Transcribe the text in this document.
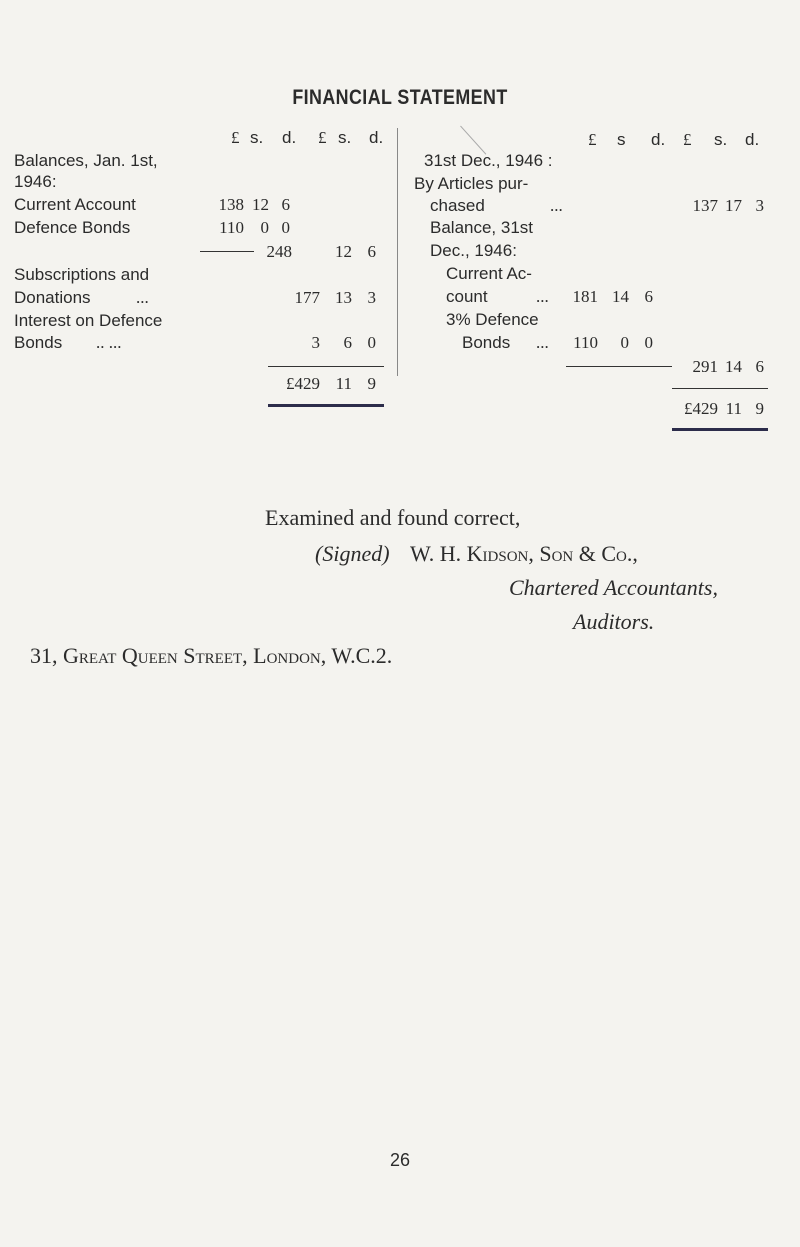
FINANCIAL STATEMENT
£ s. d. £ s. d.
Balances, Jan. 1st,
1946:
Current Account	138 12 6
Defence Bonds	110 0 0
248	12 6
Subscriptions and
Donations	...	177 13 3
Interest on Defence
Bonds .. ...	3	6 0
£429 11 9
£ s d. £ s. d.
31st Dec., 1946 :
By Articles pur-
chased	...	137 17 3
Balance, 31st
Dec., 1946:
Current Ac-
count	...	181 14 6
3% Defence
Bonds ...	110	0 0
291 14 6
£429 11 9
Examined and found correct,
(Signed) W. H. Kidson, Son & Co.,
Chartered Accountants,
Auditors.
31, Great Queen Street, London, W.C.2.
26
